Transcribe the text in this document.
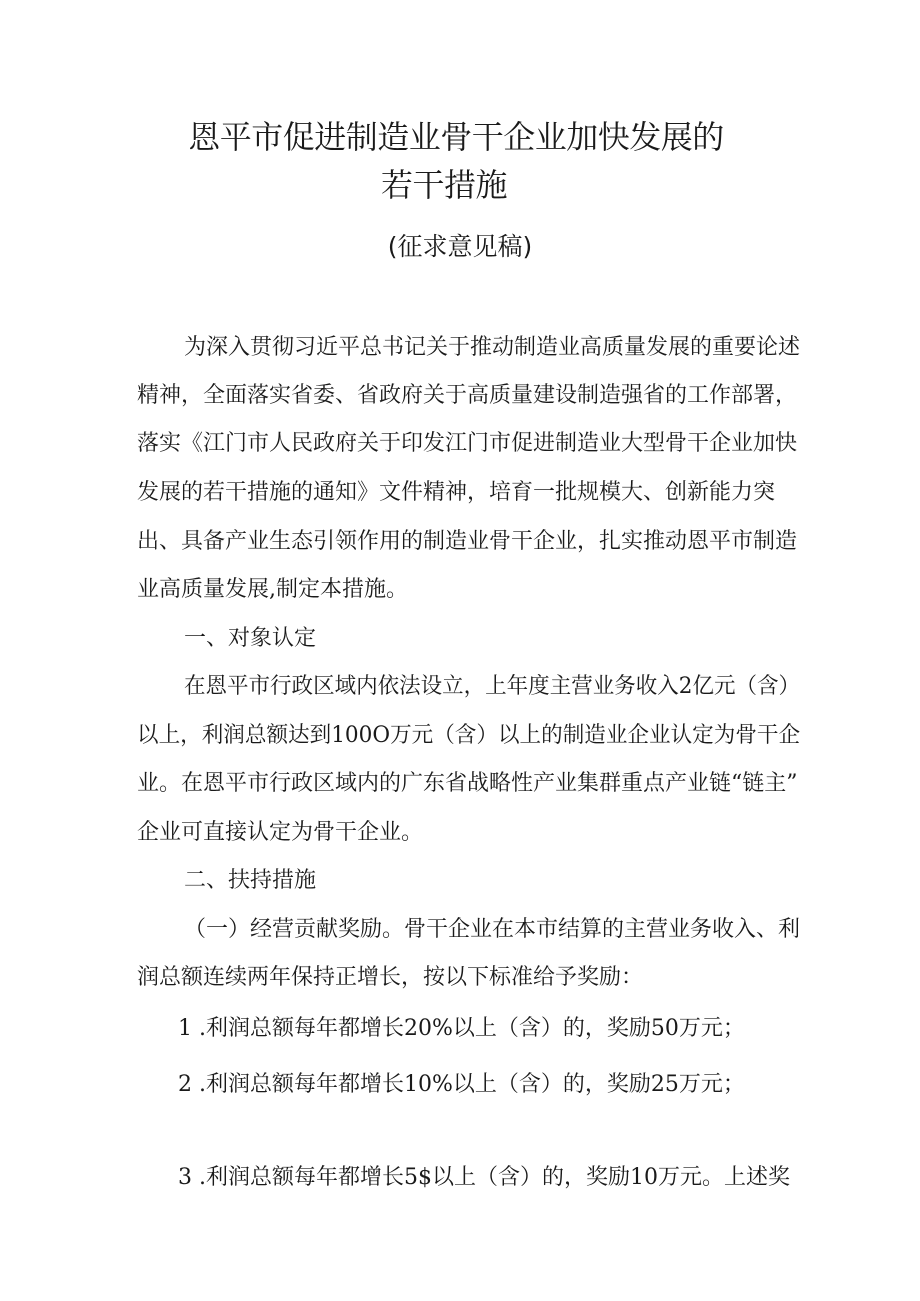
恩平市促进制造业骨干企业加快发展的
若干措施
(征求意见稿)
为深入贯彻习近平总书记关于推动制造业高质量发展的重要论述
精神，全面落实省委、省政府关于高质量建设制造强省的工作部署，
落实《江门市人民政府关于印发江门市促进制造业大型骨干企业加快
发展的若干措施的通知》文件精神，培育一批规模大、创新能力突
出、具备产业生态引领作用的制造业骨干企业，扎实推动恩平市制造
业高质量发展,制定本措施。
一、对象认定
在恩平市行政区域内依法设立，上年度主营业务收入2亿元（含）
以上，利润总额达到100O万元（含）以上的制造业企业认定为骨干企
业。在恩平市行政区域内的广东省战略性产业集群重点产业链“链主”
企业可直接认定为骨干企业。
二、扶持措施
（一）经营贡献奖励。骨干企业在本市结算的主营业务收入、利
润总额连续两年保持正增长，按以下标准给予奖励：
1 .利润总额每年都增长20%以上（含）的，奖励50万元；
2 .利润总额每年都增长10%以上（含）的，奖励25万元；
3 .利润总额每年都增长5$以上（含）的，奖励10万元。上述奖
